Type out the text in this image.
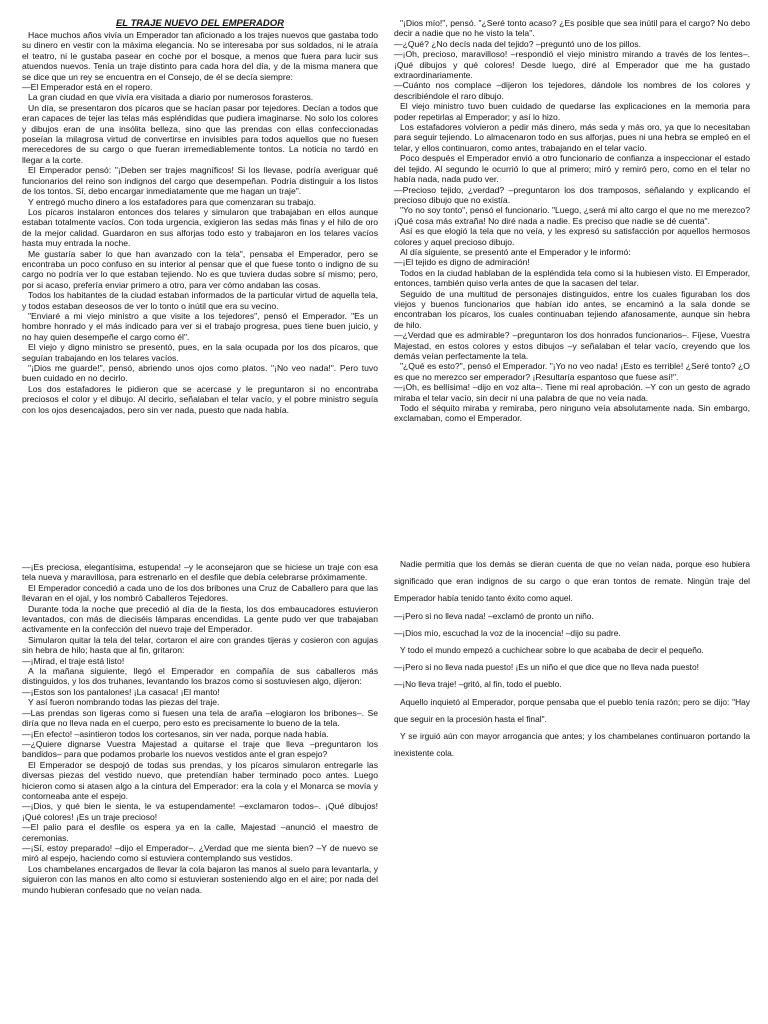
EL TRAJE NUEVO DEL EMPERADOR

Hace muchos años vivía un Emperador tan aficionado a los trajes nuevos que gastaba todo su dinero en vestir con la máxima elegancia. No se interesaba por sus soldados, ni le atraía el teatro, ni le gustaba pasear en coche por el bosque, a menos que fuera para lucir sus atuendos nuevos. Tenía un traje distinto para cada hora del día, y de la misma manera que se dice que un rey se encuentra en el Consejo, de él se decía siempre:

—El Emperador está en el ropero.

La gran ciudad en que vivía era visitada a diario por numerosos forasteros.

Un día, se presentaron dos pícaros que se hacían pasar por tejedores. Decían a todos que eran capaces de tejer las telas más espléndidas que pudiera imaginarse. No solo los colores y dibujos eran de una insólita belleza, sino que las prendas con ellas confeccionadas poseían la milagrosa virtud de convertirse en invisibles para todos aquellos que no fuesen merecedores de su cargo o que fueran irremediablemente tontos. La noticia no tardó en llegar a la corte.

El Emperador pensó: "¡Deben ser trajes magníficos! Si los llevase, podría averiguar qué funcionarios del reino son indignos del cargo que desempeñan. Podría distinguir a los listos de los tontos. Sí, debo encargar inmediatamente que me hagan un traje".

Y entregó mucho dinero a los estafadores para que comenzaran su trabajo.

Los pícaros instalaron entonces dos telares y simularon que trabajaban en ellos aunque estaban totalmente vacíos. Con toda urgencia, exigieron las sedas más finas y el hilo de oro de la mejor calidad. Guardaron en sus alforjas todo esto y trabajaron en los telares vacíos hasta muy entrada la noche.

Me gustaría saber lo que han avanzado con la tela", pensaba el Emperador, pero se encontraba un poco confuso en su interior al pensar que el que fuese tonto o indigno de su cargo no podría ver lo que estaban tejiendo. No es que tuviera dudas sobre sí mismo; pero, por si acaso, prefería enviar primero a otro, para ver cómo andaban las cosas.

Todos los habitantes de la ciudad estaban informados de la particular virtud de aquella tela, y todos estaban deseosos de ver lo tonto o inútil que era su vecino.

"Enviaré a mi viejo ministro a que visite a los tejedores", pensó el Emperador. "Es un hombre honrado y el más indicado para ver si el trabajo progresa, pues tiene buen juicio, y no hay quien desempeñe el cargo como él".

El viejo y digno ministro se presentó, pues, en la sala ocupada por los dos pícaros, que seguían trabajando en los telares vacíos.

"¡Dios me guarde!", pensó, abriendo unos ojos como platos. "¡No veo nada!". Pero tuvo buen cuidado en no decirlo.

Los dos estafadores le pidieron que se acercase y le preguntaron si no encontraba preciosos el color y el dibujo. Al decirlo, señalaban el telar vacío, y el pobre ministro seguía con los ojos desencajados, pero sin ver nada, puesto que nada había.

"¡Dios mío!", pensó. "¿Seré tonto acaso? ¿Es posible que sea inútil para el cargo? No debo decir a nadie que no he visto la tela".

—¿Qué? ¿No decís nada del tejido? –preguntó uno de los pillos.

—¡Oh, precioso, maravilloso! –respondió el viejo ministro mirando a través de los lentes–. ¡Qué dibujos y qué colores! Desde luego, diré al Emperador que me ha gustado extraordinariamente.

—Cuánto nos complace –dijeron los tejedores, dándole los nombres de los colores y describiéndole el raro dibujo.

El viejo ministro tuvo buen cuidado de quedarse las explicaciones en la memoria para poder repetirlas al Emperador; y así lo hizo.

Los estafadores volvieron a pedir más dinero, más seda y más oro, ya que lo necesitaban para seguir tejiendo. Lo almacenaron todo en sus alforjas, pues ni una hebra se empleó en el telar, y ellos continuaron, como antes, trabajando en el telar vacío.

Poco después el Emperador envió a otro funcionario de confianza a inspeccionar el estado del tejido. Al segundo le ocurrió lo que al primero; miró y remiró pero, como en el telar no había nada, nada pudo ver.

—Precioso tejido, ¿verdad? –preguntaron los dos tramposos, señalando y explicando el precioso dibujo que no existía.

"Yo no soy tonto", pensó el funcionario. "Luego, ¿será mi alto cargo el que no me merezco? ¡Qué cosa más extraña! No diré nada a nadie. Es preciso que nadie se dé cuenta".

Así es que elogió la tela que no veía, y les expresó su satisfacción por aquellos hermosos colores y aquel precioso dibujo.

Al día siguiente, se presentó ante el Emperador y le informó:

—¡El tejido es digno de admiración!

Todos en la ciudad hablaban de la espléndida tela como si la hubiesen visto. El Emperador, entonces, también quiso verla antes de que la sacasen del telar.

Seguido de una multitud de personajes distinguidos, entre los cuales figuraban los dos viejos y buenos funcionarios que habían ido antes, se encaminó a la sala donde se encontraban los pícaros, los cuales continuaban tejiendo afanosamente, aunque sin hebra de hilo.

—¿Verdad que es admirable? –preguntaron los dos honrados funcionarios–. Fíjese, Vuestra Majestad, en estos colores y estos dibujos –y señalaban el telar vacío, creyendo que los demás veían perfectamente la tela.

"¿Qué es esto?", pensó el Emperador. "¡Yo no veo nada! ¡Esto es terrible! ¿Seré tonto? ¿O es que no merezco ser emperador? ¡Resultaría espantoso que fuese así!".

—¡Oh, es bellísima! –dijo en voz alta–. Tiene mi real aprobación. –Y con un gesto de agrado miraba el telar vacío, sin decir ni una palabra de que no veía nada.

Todo el séquito miraba y remiraba, pero ninguno veía absolutamente nada. Sin embargo, exclamaban, como el Emperador.

—¡Es preciosa, elegantísima, estupenda! –y le aconsejaron que se hiciese un traje con esa tela nueva y maravillosa, para estrenarlo en el desfile que debía celebrarse próximamente.

El Emperador concedió a cada uno de los dos bribones una Cruz de Caballero para que las llevaran en el ojal, y los nombró Caballeros Tejedores.

Durante toda la noche que precedió al día de la fiesta, los dos embaucadores estuvieron levantados, con más de dieciséis lámparas encendidas. La gente pudo ver que trabajaban activamente en la confección del nuevo traje del Emperador.

Simularon quitar la tela del telar, cortaron el aire con grandes tijeras y cosieron con agujas sin hebra de hilo; hasta que al fin, gritaron:

—¡Mirad, el traje está listo!

A la mañana siguiente, llegó el Emperador en compañía de sus caballeros más distinguidos, y los dos truhanes, levantando los brazos como si sostuviesen algo, dijeron:

—¡Estos son los pantalones! ¡La casaca! ¡El manto!

Y así fueron nombrando todas las piezas del traje.

—Las prendas son ligeras como si fuesen una tela de araña –elogiaron los bribones–. Se diría que no lleva nada en el cuerpo, pero esto es precisamente lo bueno de la tela.

—¡En efecto! –asintieron todos los cortesanos, sin ver nada, porque nada había.

—¿Quiere dignarse Vuestra Majestad a quitarse el traje que lleva –preguntaron los bandidos– para que podamos probarle los nuevos vestidos ante el gran espejo?

El Emperador se despojó de todas sus prendas, y los pícaros simularon entregarle las diversas piezas del vestido nuevo, que pretendían haber terminado poco antes. Luego hicieron como si atasen algo a la cintura del Emperador: era la cola y el Monarca se movía y contorneaba ante el espejo.

—¡Dios, y qué bien le sienta, le va estupendamente! –exclamaron todos–. ¡Qué dibujos! ¡Qué colores! ¡Es un traje precioso!

—El palio para el desfile os espera ya en la calle, Majestad –anunció el maestro de ceremonias.

—¡Sí, estoy preparado! –dijo el Emperador–. ¿Verdad que me sienta bien? –Y de nuevo se miró al espejo, haciendo como si estuviera contemplando sus vestidos.

Los chambelanes encargados de llevar la cola bajaron las manos al suelo para levantarla, y siguieron con las manos en alto como si estuvieran sosteniendo algo en el aire; por nada del mundo hubieran confesado que no veían nada.

Nadie permitía que los demás se dieran cuenta de que no veían nada, porque eso hubiera significado que eran indignos de su cargo o que eran tontos de remate. Ningún traje del Emperador había tenido tanto éxito como aquel.

—¡Pero si no lleva nada! –exclamó de pronto un niño.

—¡Dios mío, escuchad la voz de la inocencia! –dijo su padre.

Y todo el mundo empezó a cuchichear sobre lo que acababa de decir el pequeño.

—¡Pero si no lleva nada puesto! ¡Es un niño el que dice que no lleva nada puesto!

—¡No lleva traje! –gritó, al fin, todo el pueblo.

Aquello inquietó al Emperador, porque pensaba que el pueblo tenía razón; pero se dijo: "Hay que seguir en la procesión hasta el final".

Y se irguió aún con mayor arrogancia que antes; y los chambelanes continuaron portando la inexistente cola.
